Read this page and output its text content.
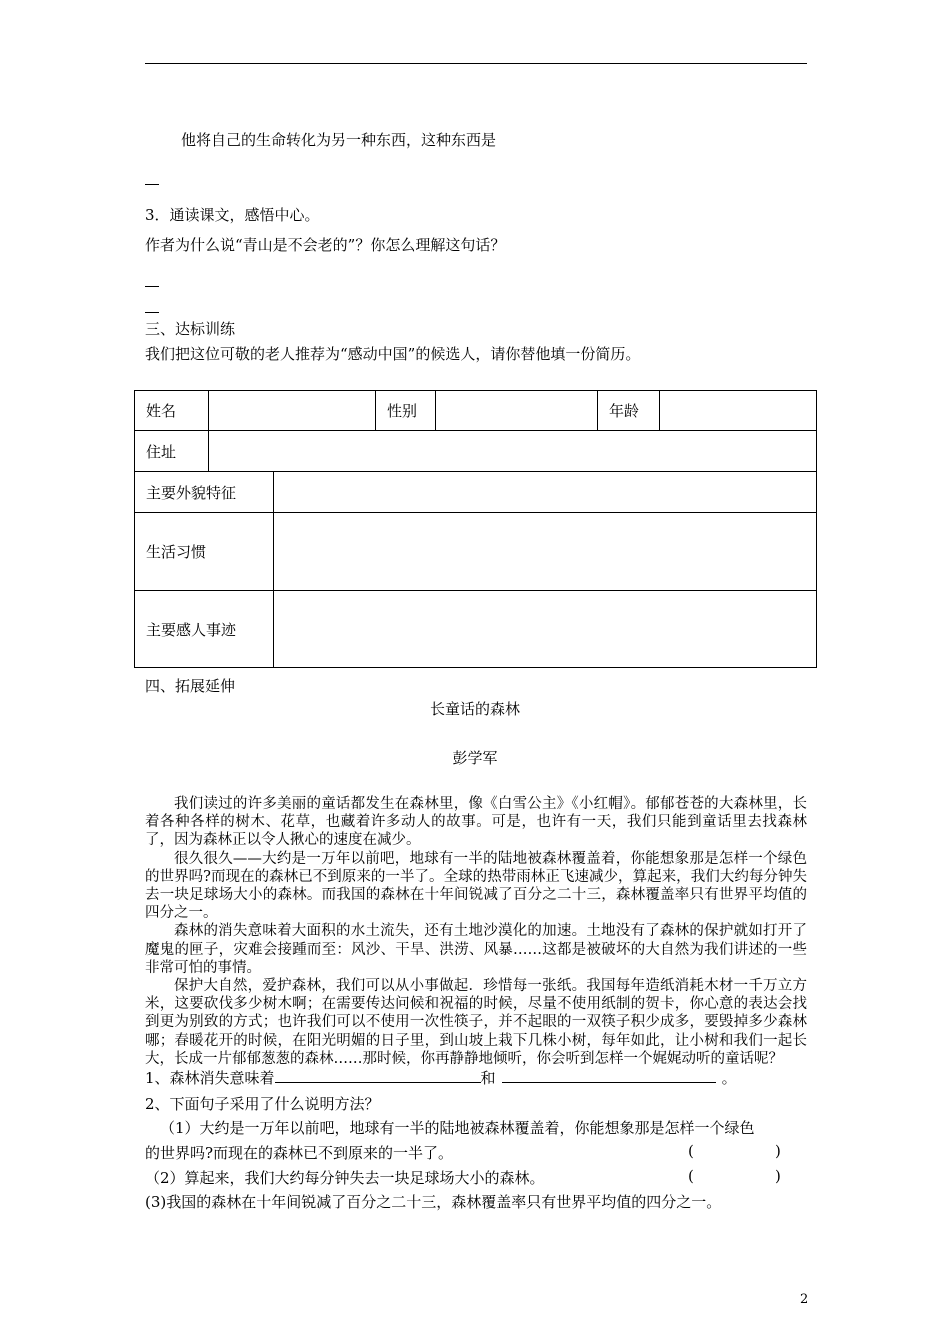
他将自己的生命转化为另一种东西，这种东西是
3．通读课文，感悟中心。
作者为什么说“青山是不会老的”？你怎么理解这句话？
三、达标训练
我们把这位可敬的老人推荐为“感动中国”的候选人，请你替他填一份简历。
姓名			性别		年龄	
住址						
主要外貌特征						
生活习惯						
主要感人事迹						
四、拓展延伸
长童话的森林
彭学军

我们读过的许多美丽的童话都发生在森林里，像《白雪公主》《小红帽》。郁郁苍苍的大森林里，长着各种各样的树木、花草，也藏着许多动人的故事。可是，也许有一天，我们只能到童话里去找森林了，因为森林正以令人揪心的速度在减少。

很久很久——大约是一万年以前吧，地球有一半的陆地被森林覆盖着，你能想象那是怎样一个绿色的世界吗?而现在的森林已不到原来的一半了。全球的热带雨林正飞速减少，算起来，我们大约每分钟失去一块足球场大小的森林。而我国的森林在十年间锐减了百分之二十三，森林覆盖率只有世界平均值的四分之一。

森林的消失意味着大面积的水土流失，还有土地沙漠化的加速。土地没有了森林的保护就如打开了魔鬼的匣子，灾难会接踵而至：风沙、干旱、洪涝、风暴……这都是被破坏的大自然为我们讲述的一些非常可怕的事情。

保护大自然，爱护森林，我们可以从小事做起．珍惜每一张纸。我国每年造纸消耗木材一千万立方米，这要砍伐多少树木啊；在需要传达问候和祝福的时候，尽量不使用纸制的贺卡，你心意的表达会找到更为别致的方式；也许我们可以不使用一次性筷子，并不起眼的一双筷子积少成多，要毁掉多少森林哪；春暖花开的时候，在阳光明媚的日子里，到山坡上栽下几株小树，每年如此，让小树和我们一起长大，长成一片郁郁葱葱的森林……那时候，你再静静地倾听，你会听到怎样一个娓娓动听的童话呢？

1、森林消失意味着	和	。
2、下面句子采用了什么说明方法？
（1）大约是一万年以前吧，地球有一半的陆地被森林覆盖着，你能想象那是怎样一个绿色
的世界吗?而现在的森林已不到原来的一半了。	(	)
（2）算起来，我们大约每分钟失去一块足球场大小的森林。	(	)
(3)我国的森林在十年间锐减了百分之二十三，森林覆盖率只有世界平均值的四分之一。
2
